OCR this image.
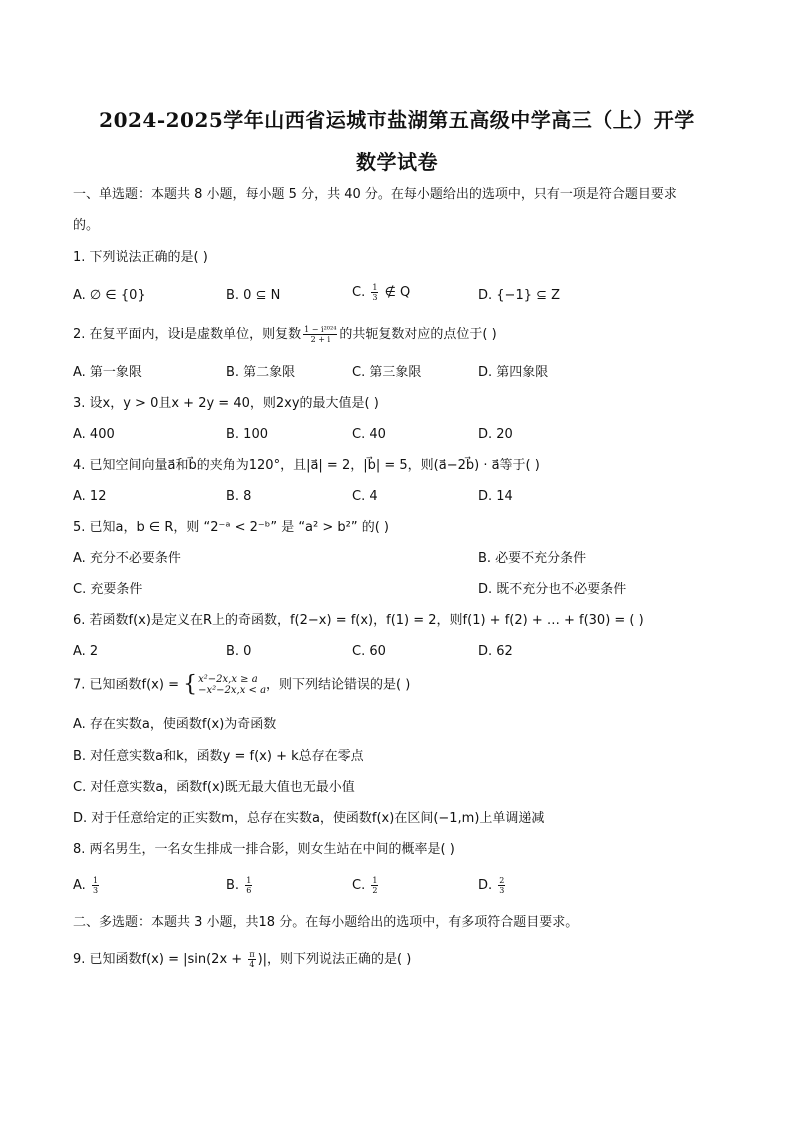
2024-2025学年山西省运城市盐湖第五高级中学高三（上）开学
数学试卷
一、单选题：本题共 8 小题，每小题 5 分，共 40 分。在每小题给出的选项中，只有一项是符合题目要求
的。
1. 下列说法正确的是( )
A. ∅ ∈ {0}	B. 0 ⊆ N	C. $\frac{1}{3}$ ∉ Q	D. {−1} ⊆ Z
2. 在复平面内，设i是虚数单位，则复数 $\frac{\text{1 − i²⁰²⁴}}{2 + i}$ 的共轭复数对应的点位于( )
A. 第一象限	B. 第二象限	C. 第三象限	D. 第四象限
3. 设x，y > 0且x + 2y = 40，则2xy的最大值是( )
A. 400	B. 100	C. 40	D. 20
4. 已知空间向量a⃗和b⃗的夹角为120°，且|a⃗| = 2，|b⃗| = 5，则(a⃗−2b⃗) · a⃗等于( )
A. 12	B. 8	C. 4	D. 14
5. 已知a，b ∈ R，则 “2⁻ᵃ < 2⁻ᵇ” 是 “a² > b²” 的( )
A. 充分不必要条件	B. 必要不充分条件
C. 充要条件	D. 既不充分也不必要条件
6. 若函数f(x)是定义在R上的奇函数，f(2−x) = f(x)，f(1) = 2，则f(1) + f(2) + … + f(30) = ( )
A. 2	B. 0	C. 60	D. 62
7. 已知函数f(x) = { x²−2x,x ≥ a
−x²−2x,x < a ，则下列结论错误的是( )
A. 存在实数a，使函数f(x)为奇函数
B. 对任意实数a和k，函数y = f(x) + k总存在零点
C. 对任意实数a，函数f(x)既无最大值也无最小值
D. 对于任意给定的正实数m，总存在实数a，使函数f(x)在区间(−1,m)上单调递减
8. 两名男生，一名女生排成一排合影，则女生站在中间的概率是( )
A. $\frac{1}{3}$	B. $\frac{1}{6}$	C. $\frac{1}{2}$	D. $\frac{2}{3}$
二、多选题：本题共 3 小题，共18 分。在每小题给出的选项中，有多项符合题目要求。
9. 已知函数$f(x) = |\sin(2x + \frac{\pi}{4}$ )|，则下列说法正确的是( )
